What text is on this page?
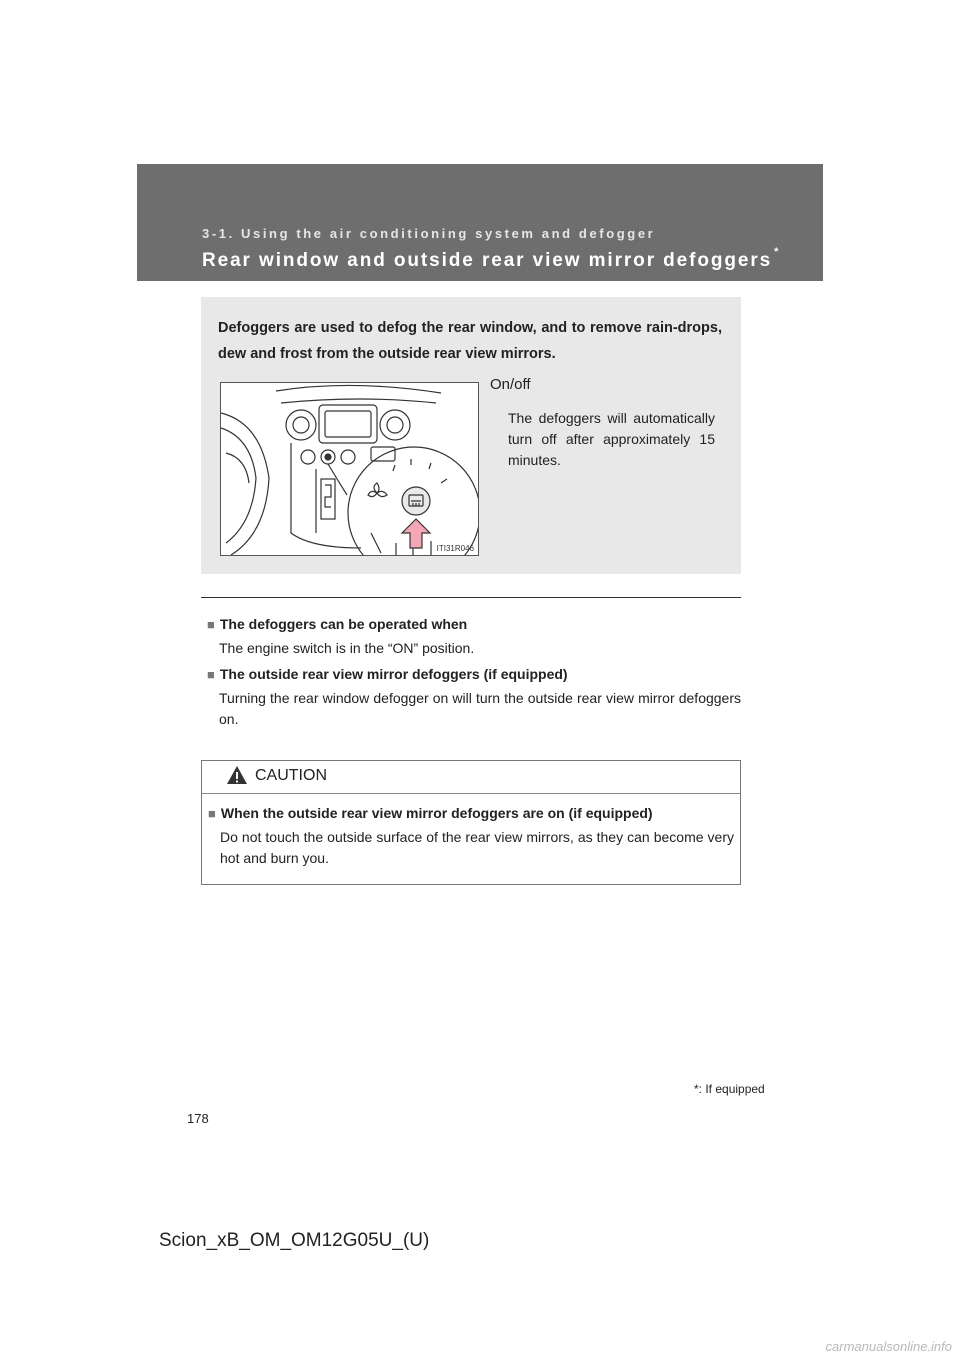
3-1. Using the air conditioning system and defogger
Rear window and outside rear view mirror defoggers *
Defoggers are used to defog the rear window, and to remove rain-drops, dew and frost from the outside rear view mirrors.
ITI31R046
On/off
The defoggers will automatically turn off after approximately 15 minutes.

■ The defoggers can be operated when

The engine switch is in the “ON” position.

■ The outside rear view mirror defoggers (if equipped)

Turning the rear window defogger on will turn the outside rear view mirror defoggers on.

CAUTION

■ When the outside rear view mirror defoggers are on (if equipped)

Do not touch the outside surface of the rear view mirrors, as they can become very hot and burn you.

*: If equipped
178
Scion_xB_OM_OM12G05U_(U)
carmanualsonline.info
